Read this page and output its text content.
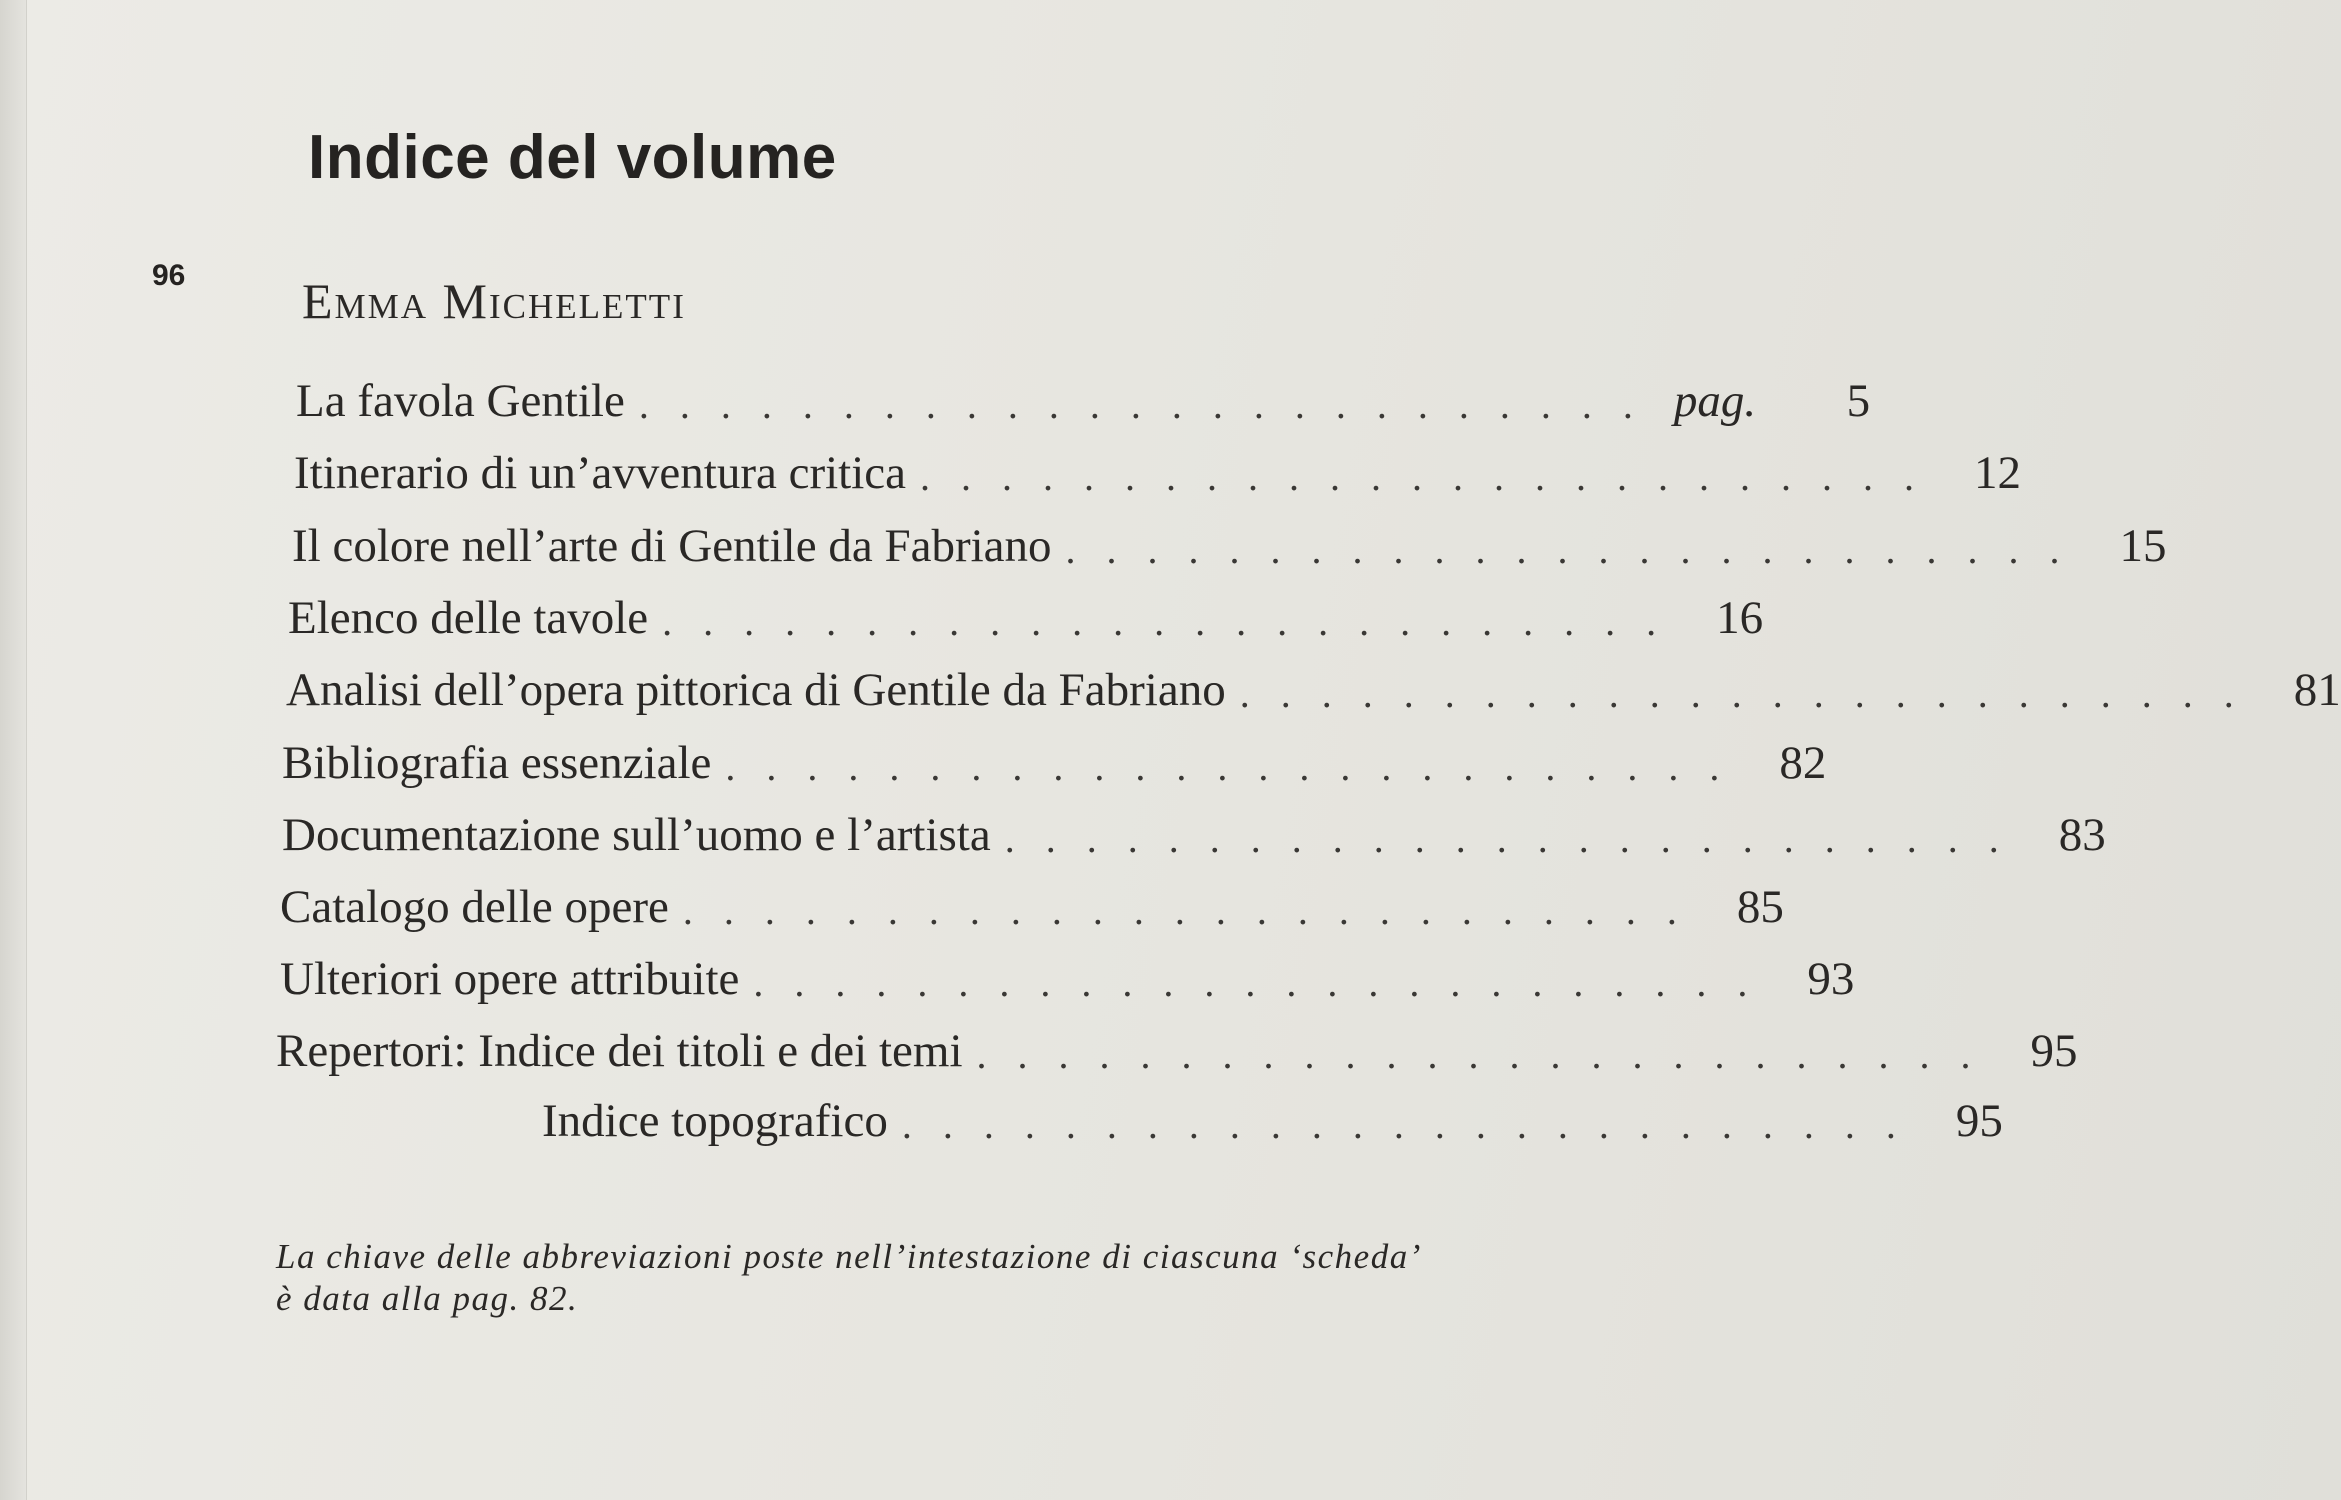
Indice del volume
96 Emma Micheletti
La favola Gentile ......................... pag.	5
Itinerario di un’avventura critica ......................... 12
Il colore nell’arte di Gentile da Fabriano ......................... 15
Elenco delle tavole ......................... 16
Analisi dell’opera pittorica di Gentile da Fabriano ......................... 81
Bibliografia essenziale ......................... 82
Documentazione sull’uomo e l’artista ......................... 83
Catalogo delle opere ......................... 85
Ulteriori opere attribuite ......................... 93
Repertori: Indice dei titoli e dei temi ......................... 95
Indice topografico ......................... 95
La chiave delle abbreviazioni poste nell’intestazione di ciascuna ‘scheda’
è data alla pag. 82.
